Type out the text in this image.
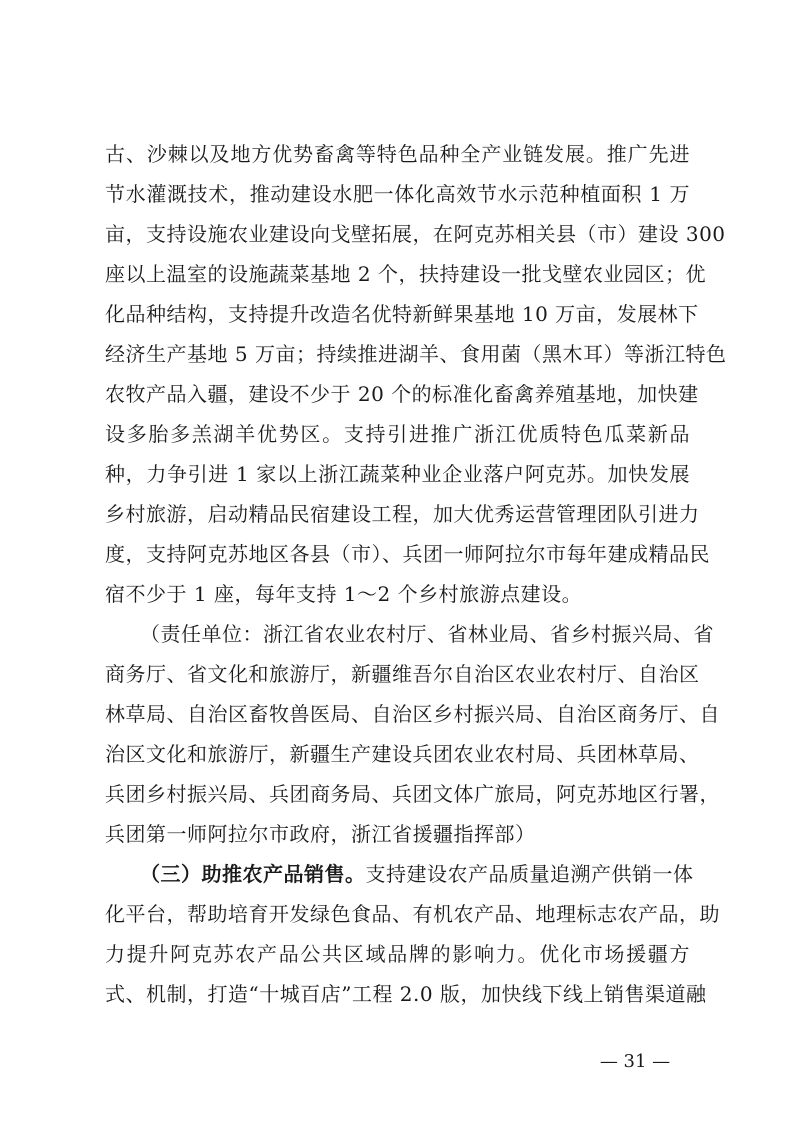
古、沙棘以及地方优势畜禽等特色品种全产业链发展。推广先进
节水灌溉技术，推动建设水肥一体化高效节水示范种植面积 1 万
亩，支持设施农业建设向戈壁拓展，在阿克苏相关县（市）建设 300
座以上温室的设施蔬菜基地 2 个，扶持建设一批戈壁农业园区；优
化品种结构，支持提升改造名优特新鲜果基地 10 万亩，发展林下
经济生产基地 5 万亩；持续推进湖羊、食用菌（黑木耳）等浙江特色
农牧产品入疆，建设不少于 20 个的标准化畜禽养殖基地，加快建
设多胎多羔湖羊优势区。支持引进推广浙江优质特色瓜菜新品
种，力争引进 1 家以上浙江蔬菜种业企业落户阿克苏。加快发展
乡村旅游，启动精品民宿建设工程，加大优秀运营管理团队引进力
度，支持阿克苏地区各县（市）、兵团一师阿拉尔市每年建成精品民
宿不少于 1 座，每年支持 1～2 个乡村旅游点建设。
（责任单位：浙江省农业农村厅、省林业局、省乡村振兴局、省
商务厅、省文化和旅游厅，新疆维吾尔自治区农业农村厅、自治区
林草局、自治区畜牧兽医局、自治区乡村振兴局、自治区商务厅、自
治区文化和旅游厅，新疆生产建设兵团农业农村局、兵团林草局、
兵团乡村振兴局、兵团商务局、兵团文体广旅局，阿克苏地区行署，
兵团第一师阿拉尔市政府，浙江省援疆指挥部）
（三）助推农产品销售。支持建设农产品质量追溯产供销一体
化平台，帮助培育开发绿色食品、有机农产品、地理标志农产品，助
力提升阿克苏农产品公共区域品牌的影响力。优化市场援疆方
式、机制，打造“十城百店”工程 2.0 版，加快线下线上销售渠道融
— 31 —
